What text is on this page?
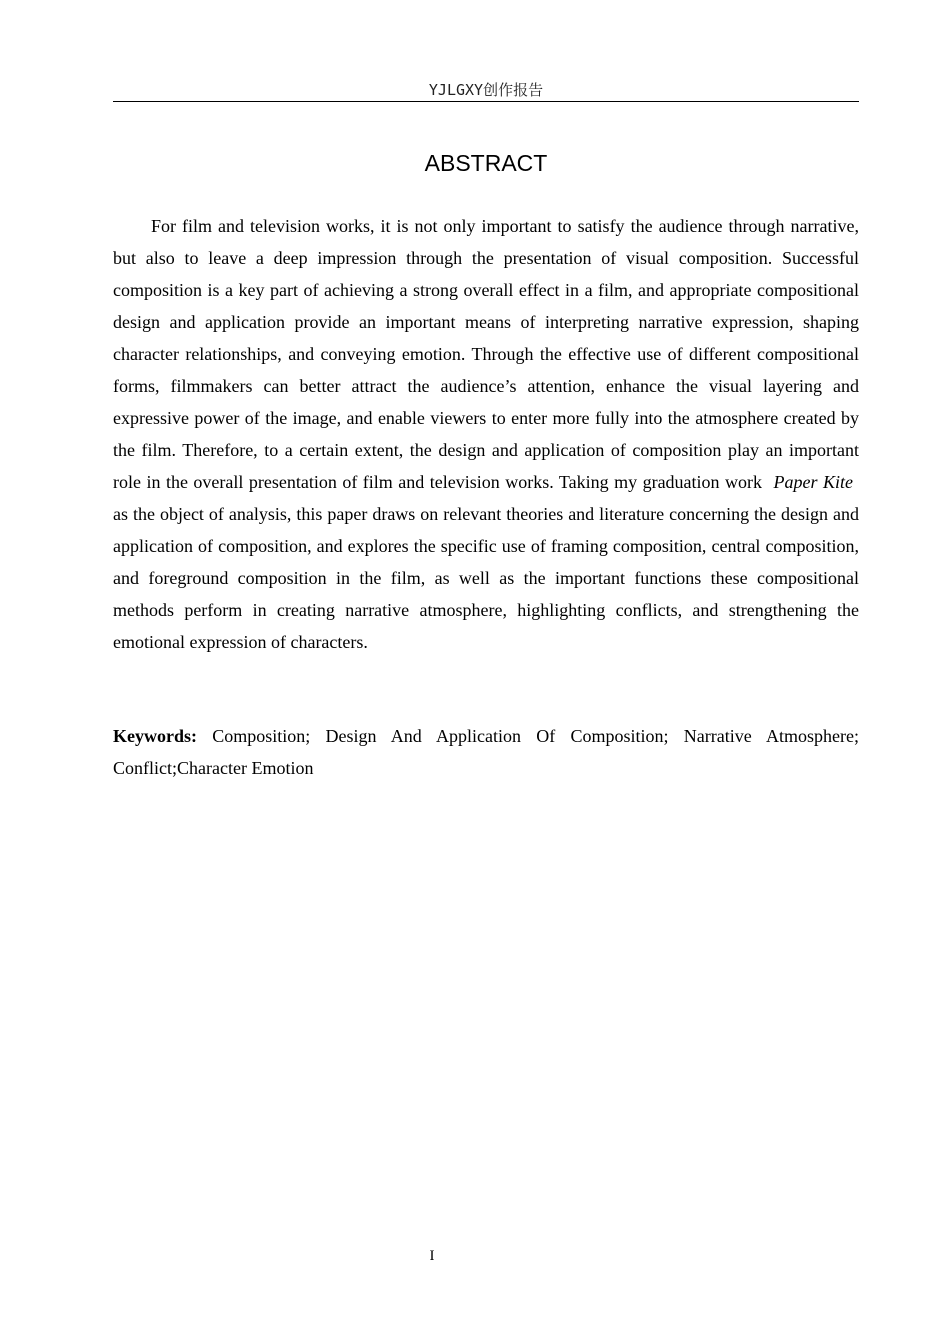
YJLGXY创作报告
ABSTRACT

For film and television works, it is not only important to satisfy the audience through narrative, but also to leave a deep impression through the presentation of visual composition. Successful composition is a key part of achieving a strong overall effect in a film, and appropriate compositional design and application provide an important means of interpreting narrative expression, shaping character relationships, and conveying emotion. Through the effective use of different compositional forms, filmmakers can better attract the audience’s attention, enhance the visual layering and expressive power of the image, and enable viewers to enter more fully into the atmosphere created by the film. Therefore, to a certain extent, the design and application of composition play an important role in the overall presentation of film and television works. Taking my graduation work Paper Kite as the object of analysis, this paper draws on relevant theories and literature concerning the design and application of composition, and explores the specific use of framing composition, central composition, and foreground composition in the film, as well as the important functions these compositional methods perform in creating narrative atmosphere, highlighting conflicts, and strengthening the emotional expression of characters.

Keywords: Composition; Design And Application Of Composition; Narrative Atmosphere; Conflict;Character Emotion

I
